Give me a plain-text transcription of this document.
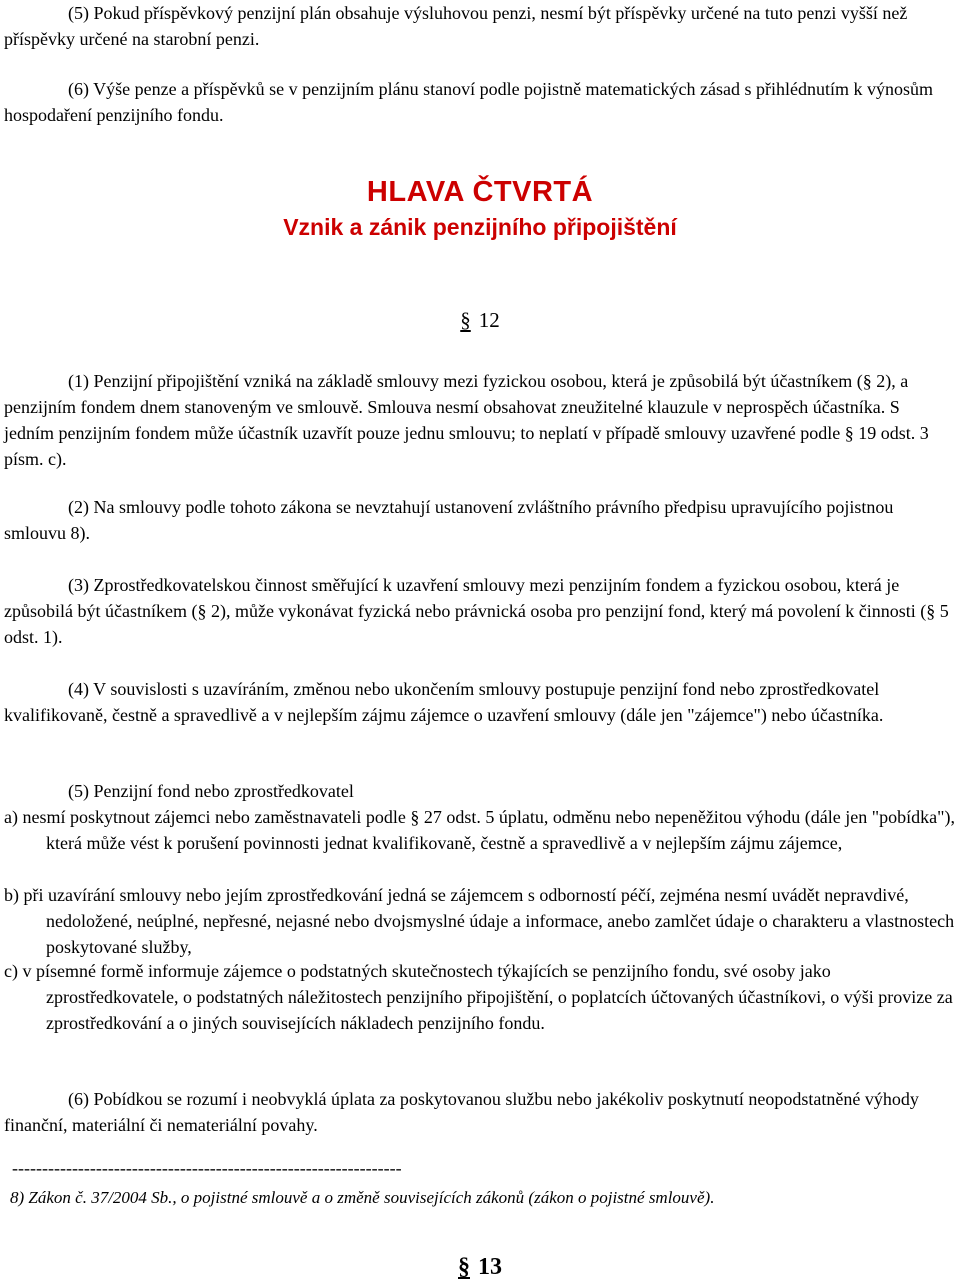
(5) Pokud příspěvkový penzijní plán obsahuje výsluhovou penzi, nesmí být příspěvky určené na tuto penzi vyšší než příspěvky určené na starobní penzi.

(6) Výše penze a příspěvků se v penzijním plánu stanoví podle pojistně matematických zásad s přihlédnutím k výnosům hospodaření penzijního fondu.

HLAVA ČTVRTÁ
Vznik a zánik penzijního připojištění
§ 12

(1) Penzijní připojištění vzniká na základě smlouvy mezi fyzickou osobou, která je způsobilá být účastníkem (§ 2), a penzijním fondem dnem stanoveným ve smlouvě. Smlouva nesmí obsahovat zneužitelné klauzule v neprospěch účastníka. S jedním penzijním fondem může účastník uzavřít pouze jednu smlouvu; to neplatí v případě smlouvy uzavřené podle § 19 odst. 3 písm. c).

(2) Na smlouvy podle tohoto zákona se nevztahují ustanovení zvláštního právního předpisu upravujícího pojistnou smlouvu 8).

(3) Zprostředkovatelskou činnost směřující k uzavření smlouvy mezi penzijním fondem a fyzickou osobou, která je způsobilá být účastníkem (§ 2), může vykonávat fyzická nebo právnická osoba pro penzijní fond, který má povolení k činnosti (§ 5 odst. 1).

(4) V souvislosti s uzavíráním, změnou nebo ukončením smlouvy postupuje penzijní fond nebo zprostředkovatel kvalifikovaně, čestně a spravedlivě a v nejlepším zájmu zájemce o uzavření smlouvy (dále jen "zájemce") nebo účastníka.

(5) Penzijní fond nebo zprostředkovatel

a) nesmí poskytnout zájemci nebo zaměstnavateli podle § 27 odst. 5 úplatu, odměnu nebo nepeněžitou výhodu (dále jen "pobídka"), která může vést k porušení povinnosti jednat kvalifikovaně, čestně a spravedlivě a v nejlepším zájmu zájemce,

b) při uzavírání smlouvy nebo jejím zprostředkování jedná se zájemcem s odborností péčí, zejména nesmí uvádět nepravdivé, nedoložené, neúplné, nepřesné, nejasné nebo dvojsmyslné údaje a informace, anebo zamlčet údaje o charakteru a vlastnostech poskytované služby,

c) v písemné formě informuje zájemce o podstatných skutečnostech týkajících se penzijního fondu, své osoby jako zprostředkovatele, o podstatných náležitostech penzijního připojištění, o poplatcích účtovaných účastníkovi, o výši provize za zprostředkování a o jiných souvisejících nákladech penzijního fondu.

(6) Pobídkou se rozumí i neobvyklá úplata za poskytovanou službu nebo jakékoliv poskytnutí neopodstatněné výhody finanční, materiální či nemateriální povahy.

-----------------------------------------------------------------
8) Zákon č. 37/2004 Sb., o pojistné smlouvě a o změně souvisejících zákonů (zákon o pojistné smlouvě).
§ 13
